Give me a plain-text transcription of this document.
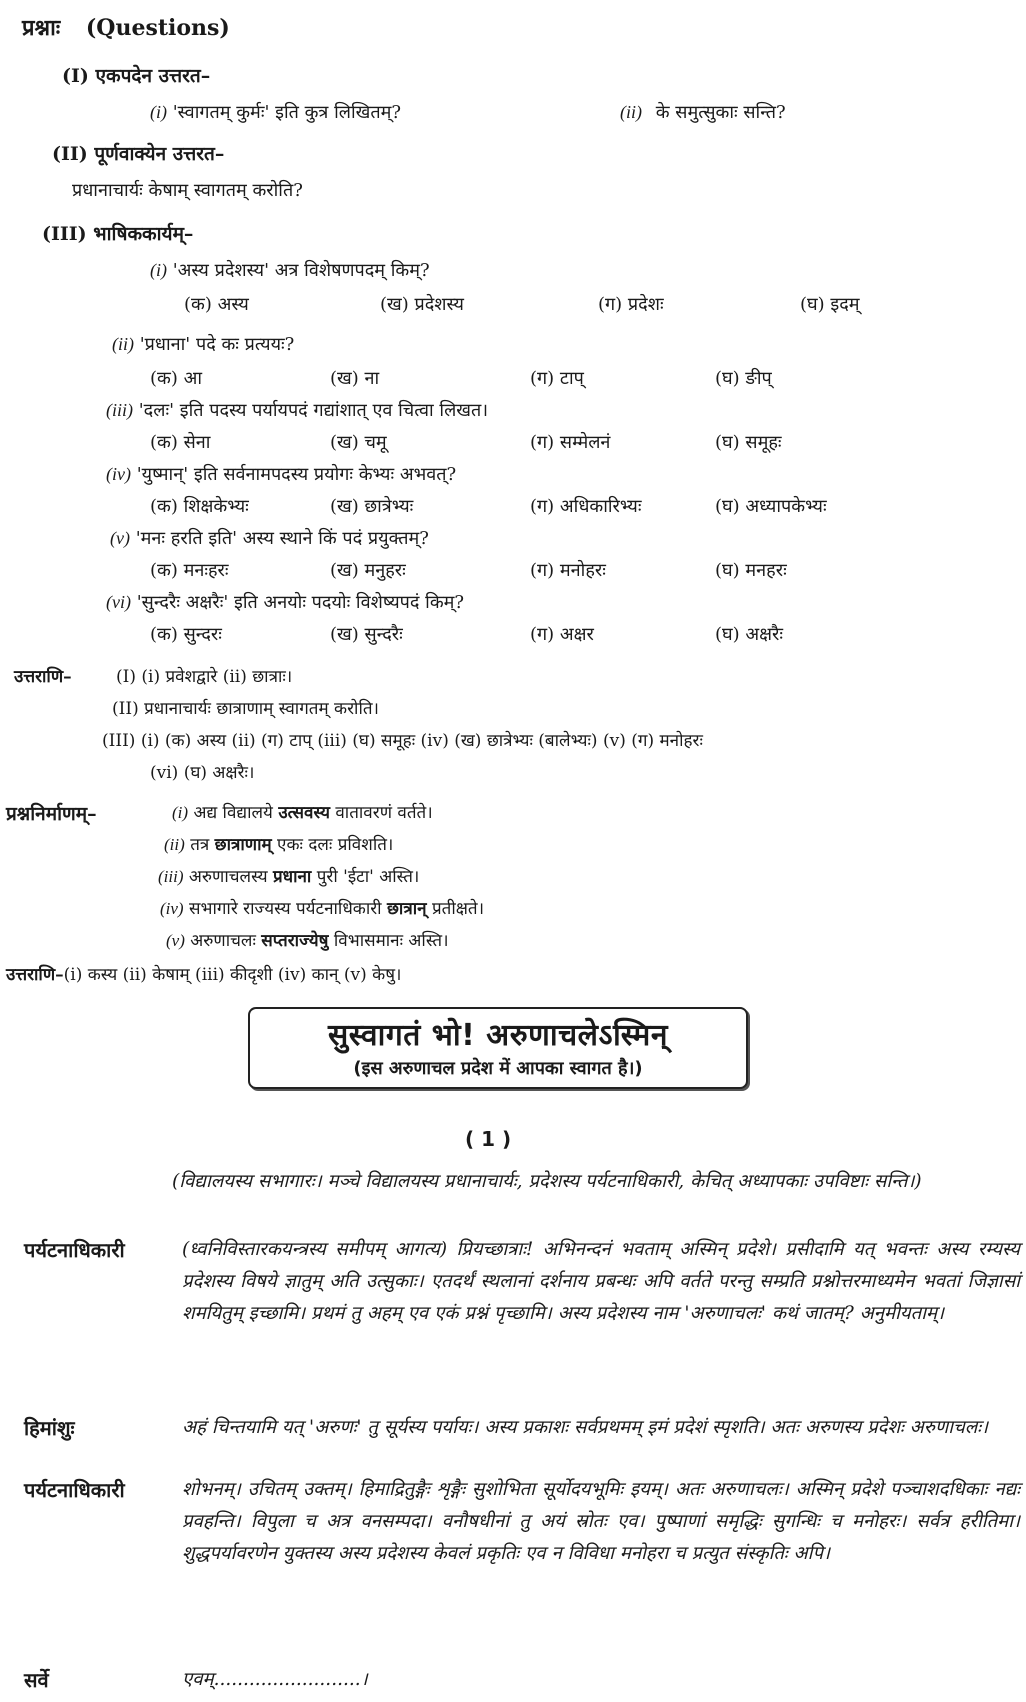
प्रश्नाः (Questions)
(I) एकपदेन उत्तरत–
(i) 'स्वागतम् कुर्मः' इति कुत्र लिखितम्?	(ii) के समुत्सुकाः सन्ति?
(II) पूर्णवाक्येन उत्तरत–
प्रधानाचार्यः केषाम् स्वागतम् करोति?
(III) भाषिककार्यम्–
(i) 'अस्य प्रदेशस्य' अत्र विशेषणपदम् किम्?
(क) अस्य	(ख) प्रदेशस्य	(ग) प्रदेशः	(घ) इदम्
(ii) 'प्रधाना' पदे कः प्रत्ययः?
(क) आ	(ख) ना	(ग) टाप्	(घ) ङीप्
(iii) 'दलः' इति पदस्य पर्यायपदं गद्यांशात् एव चित्वा लिखत।
(क) सेना	(ख) चमू	(ग) सम्मेलनं	(घ) समूहः
(iv) 'युष्मान्' इति सर्वनामपदस्य प्रयोगः केभ्यः अभवत्?
(क) शिक्षकेभ्यः	(ख) छात्रेभ्यः	(ग) अधिकारिभ्यः	(घ) अध्यापकेभ्यः
(v) 'मनः हरति इति' अस्य स्थाने किं पदं प्रयुक्तम्?
(क) मनःहरः	(ख) मनुहरः	(ग) मनोहरः	(घ) मनहरः
(vi) 'सुन्दरैः अक्षरैः' इति अनयोः पदयोः विशेष्यपदं किम्?
(क) सुन्दरः	(ख) सुन्दरैः	(ग) अक्षर	(घ) अक्षरैः
उत्तराणि–	(I) (i) प्रवेशद्वारे (ii) छात्राः।
(II) प्रधानाचार्यः छात्राणाम् स्वागतम् करोति।
(III) (i) (क) अस्य (ii) (ग) टाप् (iii) (घ) समूहः (iv) (ख) छात्रेभ्यः (बालेभ्यः) (v) (ग) मनोहरः
(vi) (घ) अक्षरैः।
प्रश्ननिर्माणम्–	(i) अद्य विद्यालये उत्सवस्य वातावरणं वर्तते।
(ii) तत्र छात्राणाम् एकः दलः प्रविशति।
(iii) अरुणाचलस्य प्रधाना पुरी 'ईटा' अस्ति।
(iv) सभागारे राज्यस्य पर्यटनाधिकारी छात्रान् प्रतीक्षते।
(v) अरुणाचलः सप्तराज्येषु विभासमानः अस्ति।
उत्तराणि–(i) कस्य (ii) केषाम् (iii) कीदृशी (iv) कान् (v) केषु।
सुस्वागतं भो! अरुणाचलेऽस्मिन्
(इस अरुणाचल प्रदेश में आपका स्वागत है।)
( 1 )
(विद्यालयस्य सभागारः। मञ्चे विद्यालयस्य प्रधानाचार्यः, प्रदेशस्य पर्यटनाधिकारी, केचित् अध्यापकाः उपविष्टाः सन्ति।)
पर्यटनाधिकारी	(ध्वनिविस्तारकयन्त्रस्य समीपम् आगत्य) प्रियच्छात्राः! अभिनन्दनं भवताम् अस्मिन् प्रदेशे। प्रसीदामि यत् भवन्तः अस्य रम्यस्य प्रदेशस्य विषये ज्ञातुम् अति उत्सुकाः। एतदर्थं स्थलानां दर्शनाय प्रबन्धः अपि वर्तते परन्तु सम्प्रति प्रश्नोत्तरमाध्यमेन भवतां जिज्ञासां शमयितुम् इच्छामि। प्रथमं तु अहम् एव एकं प्रश्नं पृच्छामि। अस्य प्रदेशस्य नाम 'अरुणाचलः' कथं जातम्? अनुमीयताम्।
हिमांशुः	अहं चिन्तयामि यत् 'अरुणः' तु सूर्यस्य पर्यायः। अस्य प्रकाशः सर्वप्रथमम् इमं प्रदेशं स्पृशति। अतः अरुणस्य प्रदेशः अरुणाचलः।
पर्यटनाधिकारी	शोभनम्। उचितम् उक्तम्। हिमाद्रितुङ्गैः शृङ्गैः सुशोभिता सूर्योदयभूमिः इयम्। अतः अरुणाचलः। अस्मिन् प्रदेशे पञ्चाशदधिकाः नद्यः प्रवहन्ति। विपुला च अत्र वनसम्पदा। वनौषधीनां तु अयं स्रोतः एव। पुष्पाणां समृद्धिः सुगन्धिः च मनोहरः। सर्वत्र हरीतिमा। शुद्धपर्यावरणेन युक्तस्य अस्य प्रदेशस्य केवलं प्रकृतिः एव न विविधा मनोहरा च प्रत्युत संस्कृतिः अपि।
सर्वे	एवम्.........................।
